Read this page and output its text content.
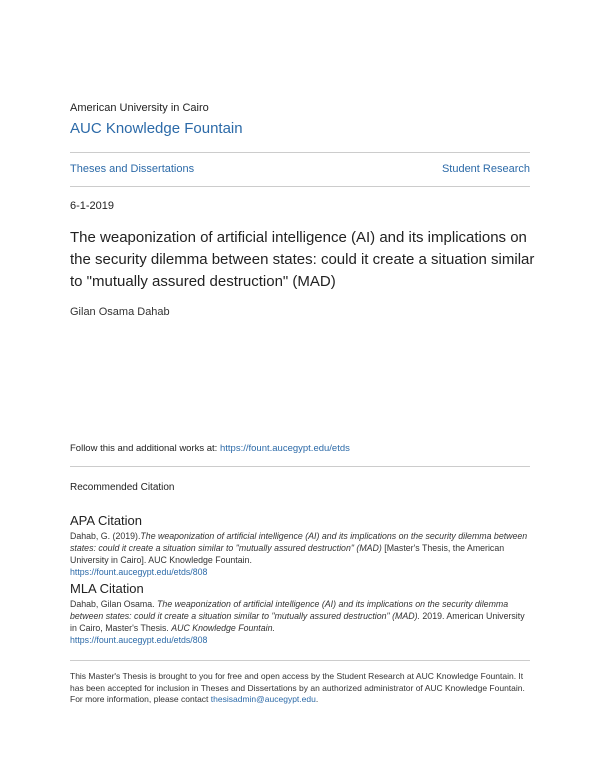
American University in Cairo
AUC Knowledge Fountain
Theses and Dissertations	Student Research
6-1-2019
The weaponization of artificial intelligence (AI) and its implications on the security dilemma between states: could it create a situation similar to "mutually assured destruction" (MAD)
Gilan Osama Dahab
Follow this and additional works at: https://fount.aucegypt.edu/etds
Recommended Citation
APA Citation
Dahab, G. (2019).The weaponization of artificial intelligence (AI) and its implications on the security dilemma between states: could it create a situation similar to "mutually assured destruction" (MAD) [Master's Thesis, the American University in Cairo]. AUC Knowledge Fountain.
https://fount.aucegypt.edu/etds/808
MLA Citation
Dahab, Gilan Osama. The weaponization of artificial intelligence (AI) and its implications on the security dilemma between states: could it create a situation similar to "mutually assured destruction" (MAD). 2019. American University in Cairo, Master's Thesis. AUC Knowledge Fountain.
https://fount.aucegypt.edu/etds/808
This Master's Thesis is brought to you for free and open access by the Student Research at AUC Knowledge Fountain. It has been accepted for inclusion in Theses and Dissertations by an authorized administrator of AUC Knowledge Fountain. For more information, please contact thesisadmin@aucegypt.edu.
